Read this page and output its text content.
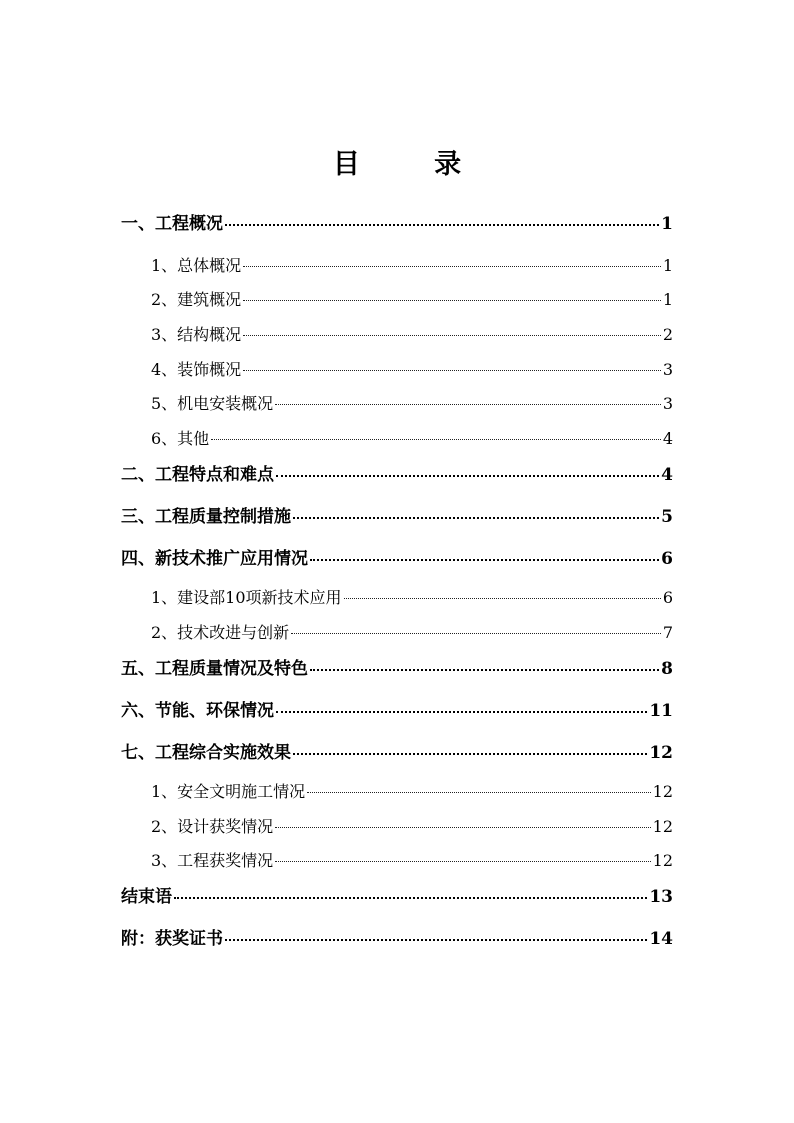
目 录
一、工程概况	1
1、总体概况	1
2、建筑概况	1
3、结构概况	2
4、装饰概况	3
5、机电安装概况	3
6、其他	4
二、工程特点和难点	4
三、工程质量控制措施	5
四、新技术推广应用情况	6
1、建设部10项新技术应用	6
2、技术改进与创新	7
五、工程质量情况及特色	8
六、节能、环保情况	11
七、工程综合实施效果	12
1、安全文明施工情况	12
2、设计获奖情况	12
3、工程获奖情况	12
结束语	13
附：获奖证书	14
